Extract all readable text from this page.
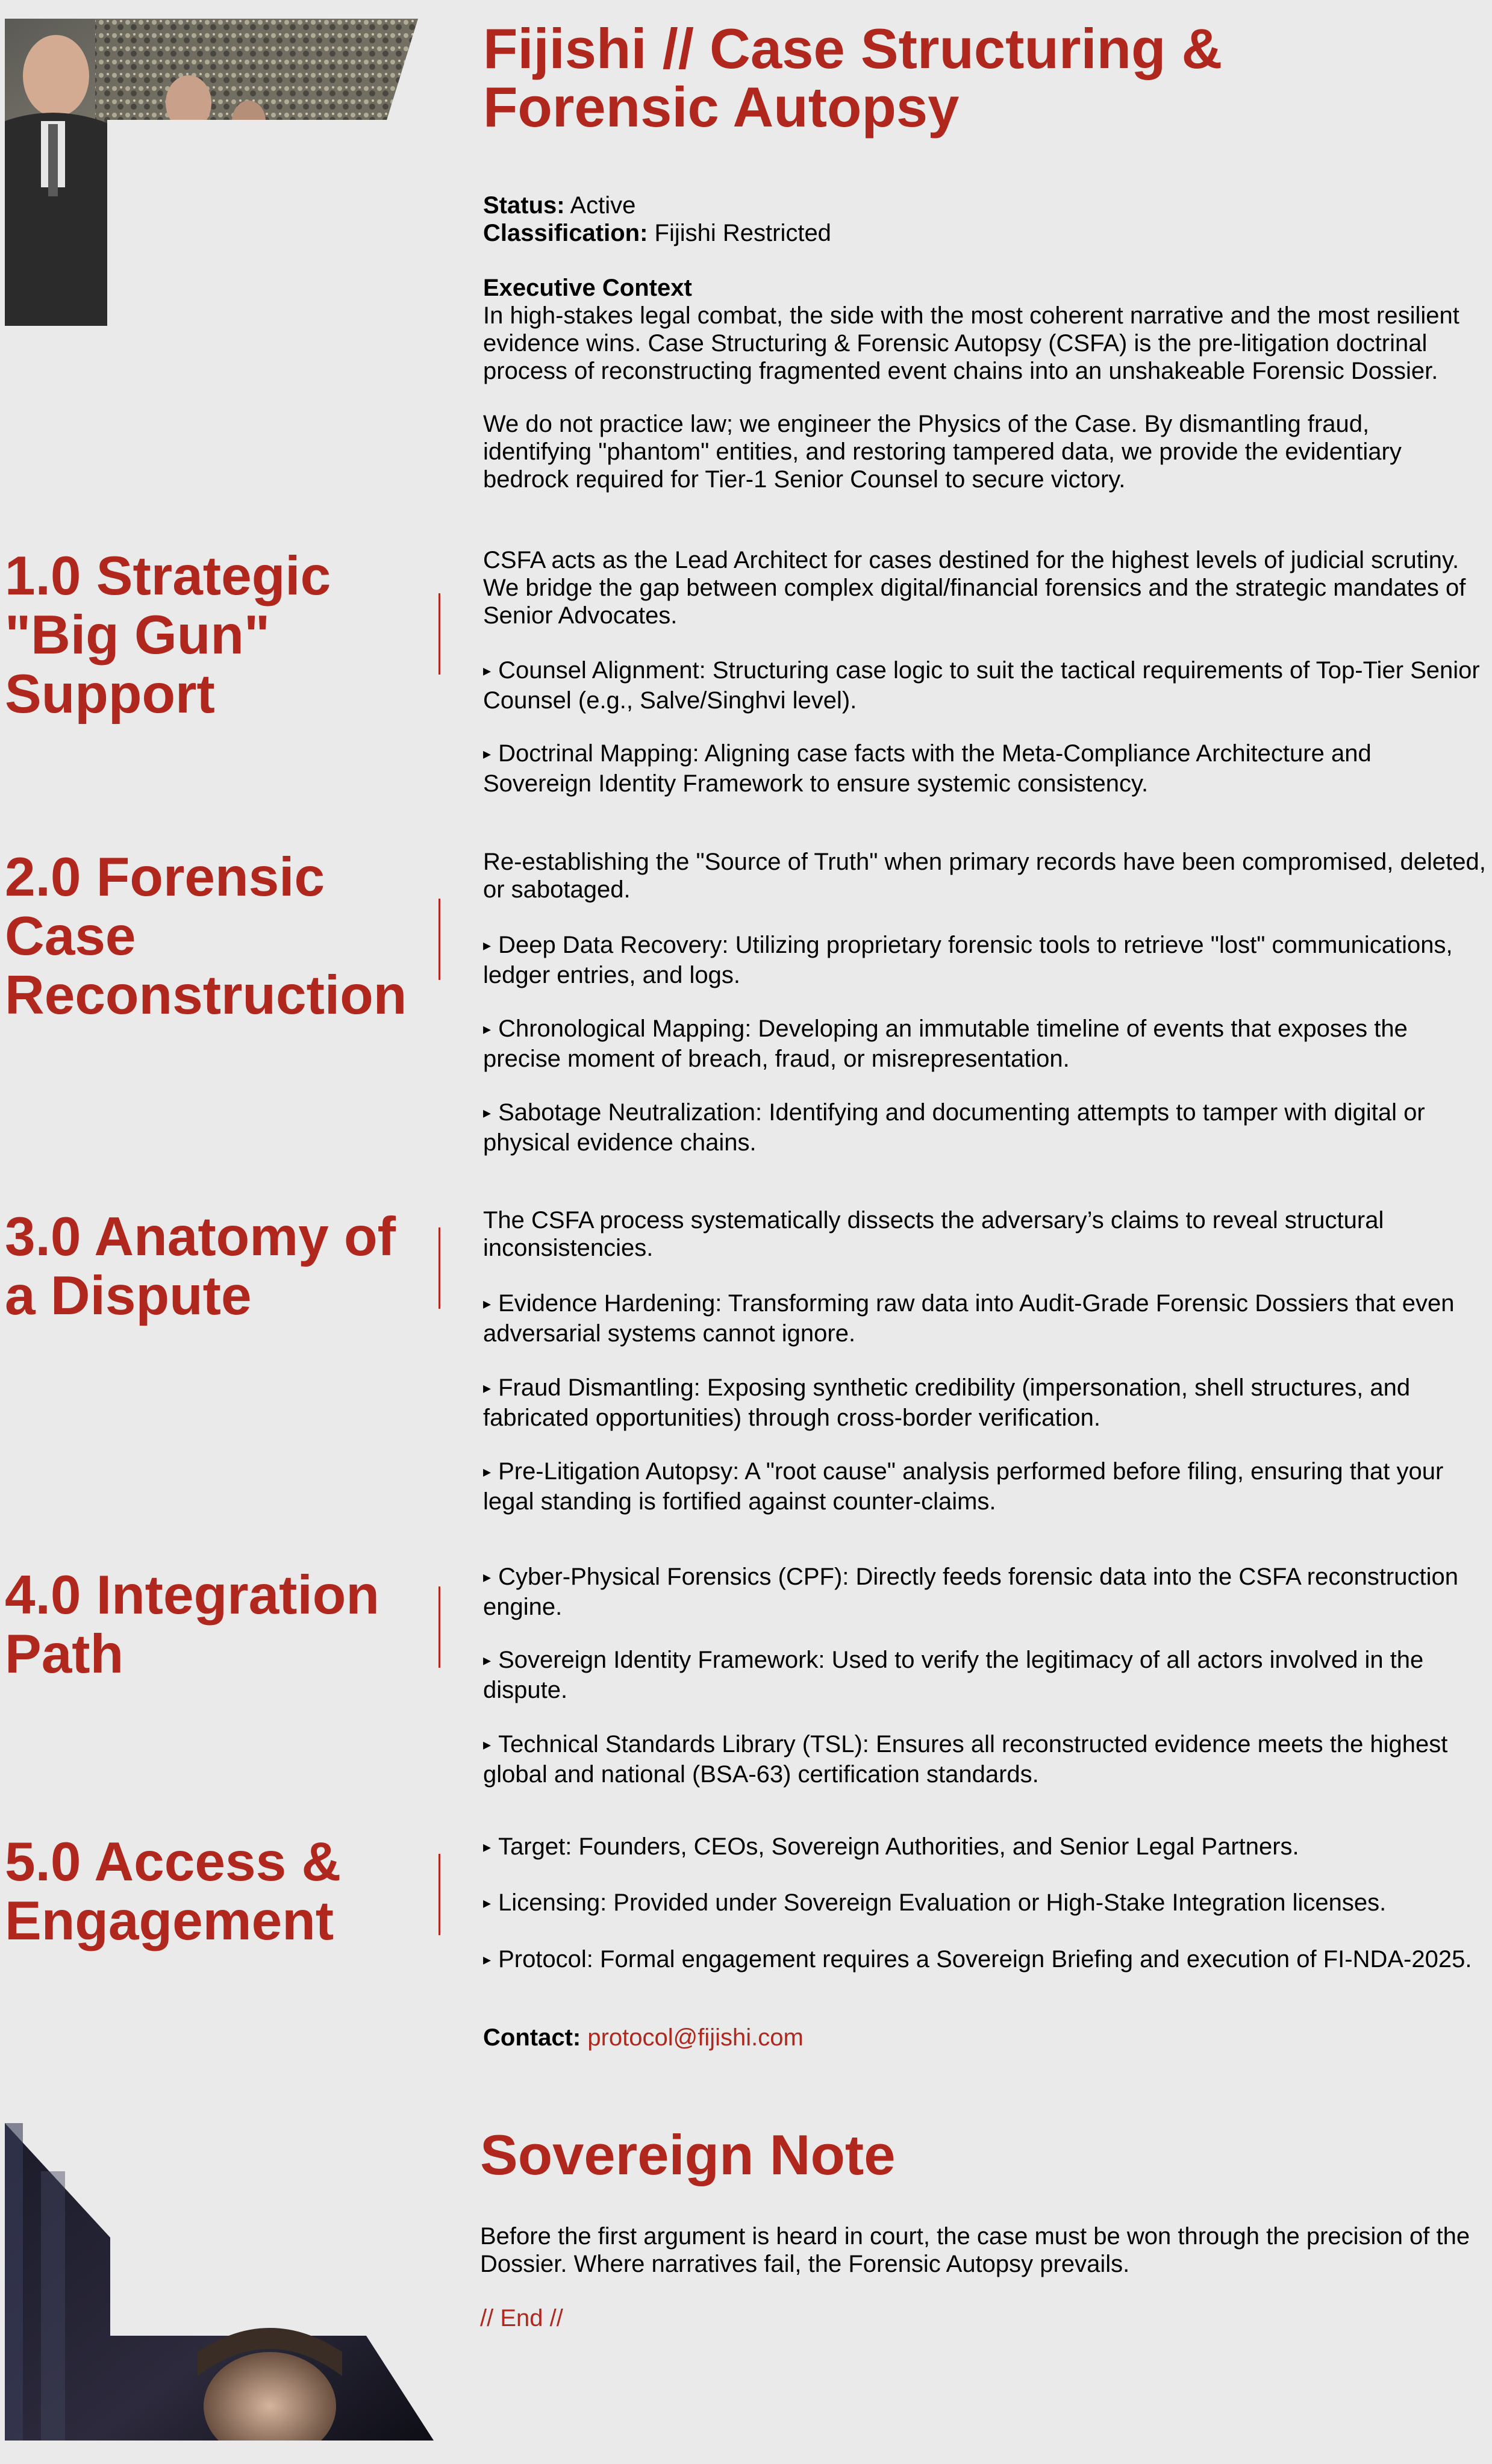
Fijishi // Case Structuring & Forensic Autopsy
Status: Active
Classification: Fijishi Restricted
Executive Context

In high-stakes legal combat, the side with the most coherent narrative and the most resilient evidence wins. Case Structuring & Forensic Autopsy (CSFA) is the pre-litigation doctrinal process of reconstructing fragmented event chains into an unshakeable Forensic Dossier.

We do not practice law; we engineer the Physics of the Case. By dismantling fraud, identifying "phantom" entities, and restoring tampered data, we provide the evidentiary bedrock required for Tier-1 Senior Counsel to secure victory.

1.0 Strategic "Big Gun" Support

CSFA acts as the Lead Architect for cases destined for the highest levels of judicial scrutiny. We bridge the gap between complex digital/financial forensics and the strategic mandates of Senior Advocates.

▸ Counsel Alignment: Structuring case logic to suit the tactical requirements of Top-Tier Senior Counsel (e.g., Salve/Singhvi level).

▸ Doctrinal Mapping: Aligning case facts with the Meta-Compliance Architecture and Sovereign Identity Framework to ensure systemic consistency.

2.0 Forensic Case Reconstruction

Re-establishing the "Source of Truth" when primary records have been compromised, deleted, or sabotaged.

▸ Deep Data Recovery: Utilizing proprietary forensic tools to retrieve "lost" communications, ledger entries, and logs.

▸ Chronological Mapping: Developing an immutable timeline of events that exposes the precise moment of breach, fraud, or misrepresentation.

▸ Sabotage Neutralization: Identifying and documenting attempts to tamper with digital or physical evidence chains.

3.0 Anatomy of a Dispute

The CSFA process systematically dissects the adversary’s claims to reveal structural inconsistencies.

▸ Evidence Hardening: Transforming raw data into Audit-Grade Forensic Dossiers that even adversarial systems cannot ignore.

▸ Fraud Dismantling: Exposing synthetic credibility (impersonation, shell structures, and fabricated opportunities) through cross-border verification.

▸ Pre-Litigation Autopsy: A "root cause" analysis performed before filing, ensuring that your legal standing is fortified against counter-claims.

4.0 Integration Path

▸ Cyber-Physical Forensics (CPF): Directly feeds forensic data into the CSFA reconstruction engine.

▸ Sovereign Identity Framework: Used to verify the legitimacy of all actors involved in the dispute.

▸ Technical Standards Library (TSL): Ensures all reconstructed evidence meets the highest global and national (BSA-63) certification standards.

5.0 Access & Engagement

▸ Target: Founders, CEOs, Sovereign Authorities, and Senior Legal Partners.

▸ Licensing: Provided under Sovereign Evaluation or High-Stake Integration licenses.

▸ Protocol: Formal engagement requires a Sovereign Briefing and execution of FI-NDA-2025.

Contact: protocol@fijishi.com
Sovereign Note

Before the first argument is heard in court, the case must be won through the precision of the Dossier. Where narratives fail, the Forensic Autopsy prevails.

// End //
